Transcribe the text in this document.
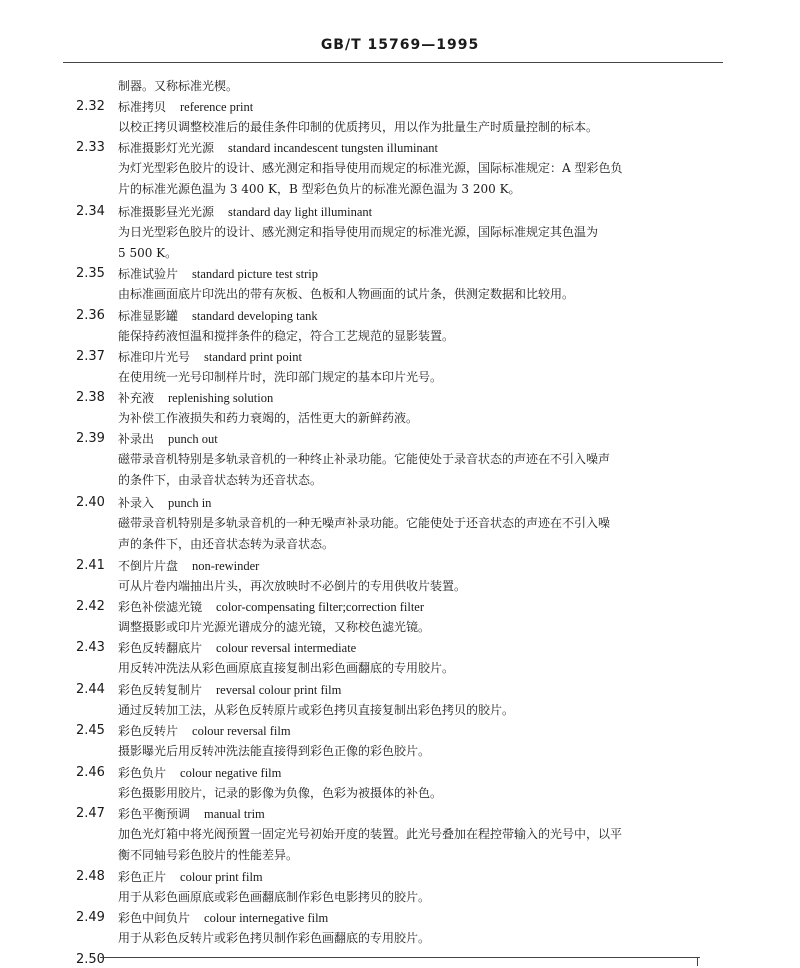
GB/T 15769—1995
制器。又称标准光楔。
2.32 标准拷贝 reference print
以校正拷贝调整校准后的最佳条件印制的优质拷贝，用以作为批量生产时质量控制的标本。
2.33 标准摄影灯光光源 standard incandescent tungsten illuminant
为灯光型彩色胶片的设计、感光测定和指导使用而规定的标准光源，国际标准规定：A 型彩色负
片的标准光源色温为 3 400 K，B 型彩色负片的标准光源色温为 3 200 K。
2.34 标准摄影昼光光源 standard day light illuminant
为日光型彩色胶片的设计、感光测定和指导使用而规定的标准光源，国际标准规定其色温为
5 500 K。
2.35 标准试验片 standard picture test strip
由标准画面底片印洗出的带有灰板、色板和人物画面的试片条，供测定数据和比较用。
2.36 标准显影罐 standard developing tank
能保持药液恒温和搅拌条件的稳定，符合工艺规范的显影装置。
2.37 标准印片光号 standard print point
在使用统一光号印制样片时，洗印部门规定的基本印片光号。
2.38 补充液 replenishing solution
为补偿工作液损失和药力衰竭的，活性更大的新鲜药液。
2.39 补录出 punch out
磁带录音机特别是多轨录音机的一种终止补录功能。它能使处于录音状态的声迹在不引入噪声
的条件下，由录音状态转为还音状态。
2.40 补录入 punch in
磁带录音机特别是多轨录音机的一种无噪声补录功能。它能使处于还音状态的声迹在不引入噪
声的条件下，由还音状态转为录音状态。
2.41 不倒片片盘 non-rewinder
可从片卷内端抽出片头，再次放映时不必倒片的专用供收片装置。
2.42 彩色补偿滤光镜 color-compensating filter;correction filter
调整摄影或印片光源光谱成分的滤光镜，又称校色滤光镜。
2.43 彩色反转翻底片 colour reversal intermediate
用反转冲洗法从彩色画原底直接复制出彩色画翻底的专用胶片。
2.44 彩色反转复制片 reversal colour print film
通过反转加工法，从彩色反转原片或彩色拷贝直接复制出彩色拷贝的胶片。
2.45 彩色反转片 colour reversal film
摄影曝光后用反转冲洗法能直接得到彩色正像的彩色胶片。
2.46 彩色负片 colour negative film
彩色摄影用胶片，记录的影像为负像，色彩为被摄体的补色。
2.47 彩色平衡预调 manual trim
加色光灯箱中将光阀预置一固定光号初始开度的装置。此光号叠加在程控带输入的光号中，以平
衡不同轴号彩色胶片的性能差异。
2.48 彩色正片 colour print film
用于从彩色画原底或彩色画翻底制作彩色电影拷贝的胶片。
2.49 彩色中间负片 colour internegative film
用于从彩色反转片或彩色拷贝制作彩色画翻底的专用胶片。
2.50
